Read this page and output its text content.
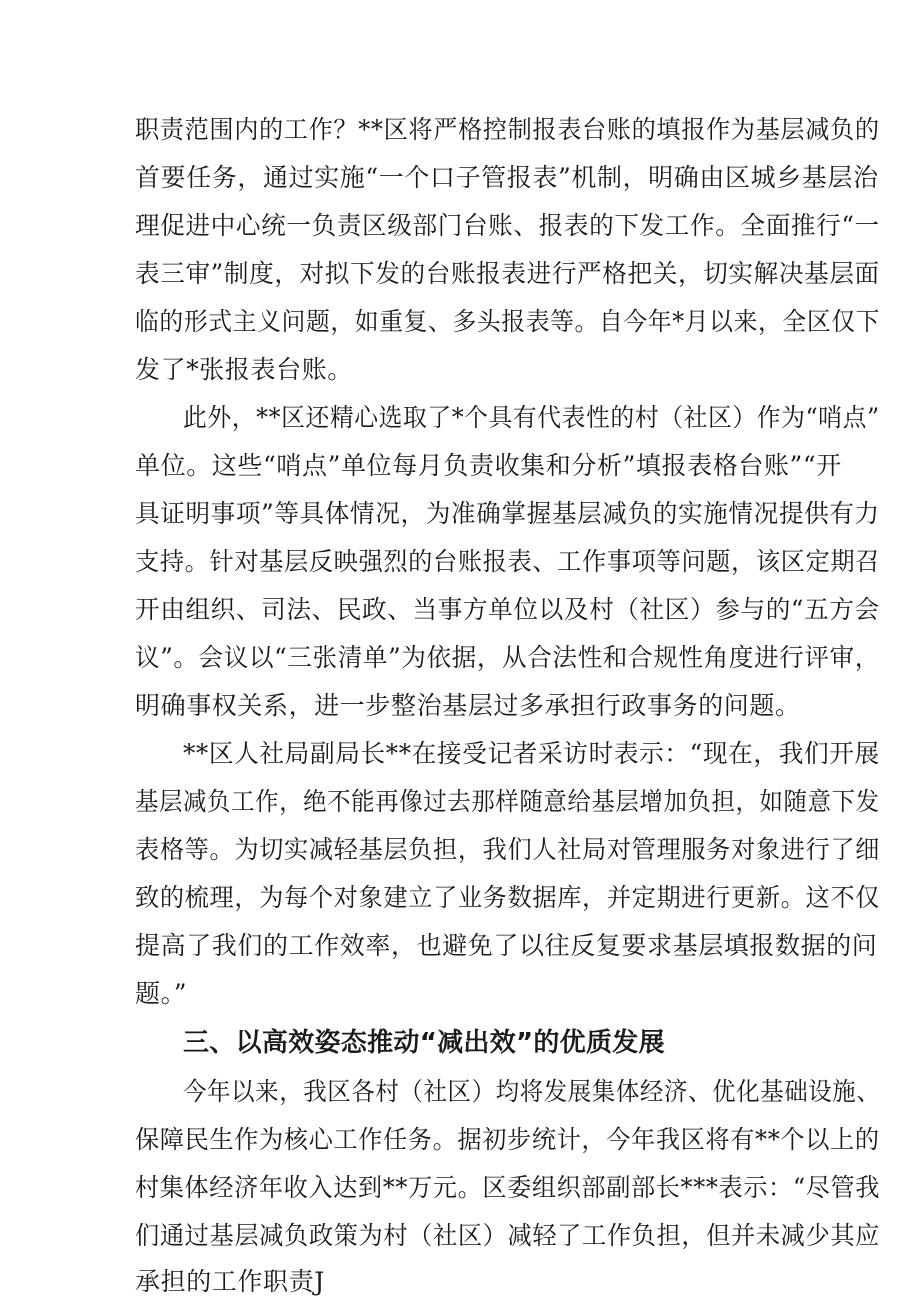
职责范围内的工作？**区将严格控制报表台账的填报作为基层减负的
首要任务，通过实施“一个口子管报表”机制，明确由区城乡基层治
理促进中心统一负责区级部门台账、报表的下发工作。全面推行“一
表三审”制度，对拟下发的台账报表进行严格把关，切实解决基层面
临的形式主义问题，如重复、多头报表等。自今年*月以来，全区仅下
发了*张报表台账。
此外，**区还精心选取了*个具有代表性的村（社区）作为“哨点”
单位。这些“哨点”单位每月负责收集和分析”填报表格台账”“开
具证明事项”等具体情况，为准确掌握基层减负的实施情况提供有力
支持。针对基层反映强烈的台账报表、工作事项等问题，该区定期召
开由组织、司法、民政、当事方单位以及村（社区）参与的“五方会
议”。会议以“三张清单”为依据，从合法性和合规性角度进行评审，
明确事权关系，进一步整治基层过多承担行政事务的问题。
**区人社局副局长**在接受记者采访时表示：“现在，我们开展
基层减负工作，绝不能再像过去那样随意给基层增加负担，如随意下发
表格等。为切实减轻基层负担，我们人社局对管理服务对象进行了细
致的梳理，为每个对象建立了业务数据库，并定期进行更新。这不仅
提高了我们的工作效率，也避免了以往反复要求基层填报数据的问
题。”
三、以高效姿态推动“减出效”的优质发展
今年以来，我区各村（社区）均将发展集体经济、优化基础设施、
保障民生作为核心工作任务。据初步统计，今年我区将有**个以上的
村集体经济年收入达到**万元。区委组织部副部长***表示：“尽管我
们通过基层减负政策为村（社区）减轻了工作负担，但并未减少其应
承担的工作职责J
